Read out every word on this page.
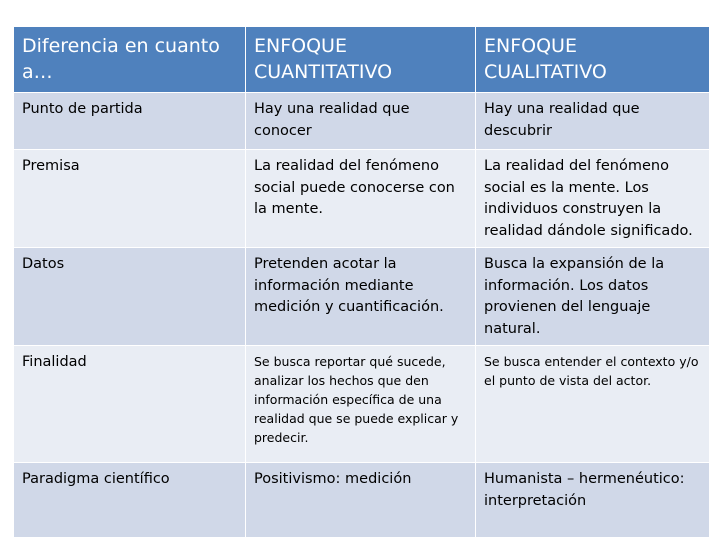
Diferencia en cuanto a…	ENFOQUE CUANTITATIVO	ENFOQUE CUALITATIVO
Punto de partida	Hay una realidad que conocer	Hay una realidad que descubrir
Premisa	La realidad del fenómeno social puede conocerse con la mente.	La realidad del fenómeno social es la mente. Los individuos construyen la realidad dándole significado.
Datos	Pretenden acotar la información mediante medición y cuantificación.	Busca la expansión de la información. Los datos provienen del lenguaje natural.
Finalidad	Se busca reportar qué sucede, analizar los hechos que den información específica de una realidad que se puede explicar y predecir.	Se busca entender el contexto y/o el punto de vista del actor.
Paradigma científico	Positivismo: medición	Humanista – hermenéutico: interpretación
